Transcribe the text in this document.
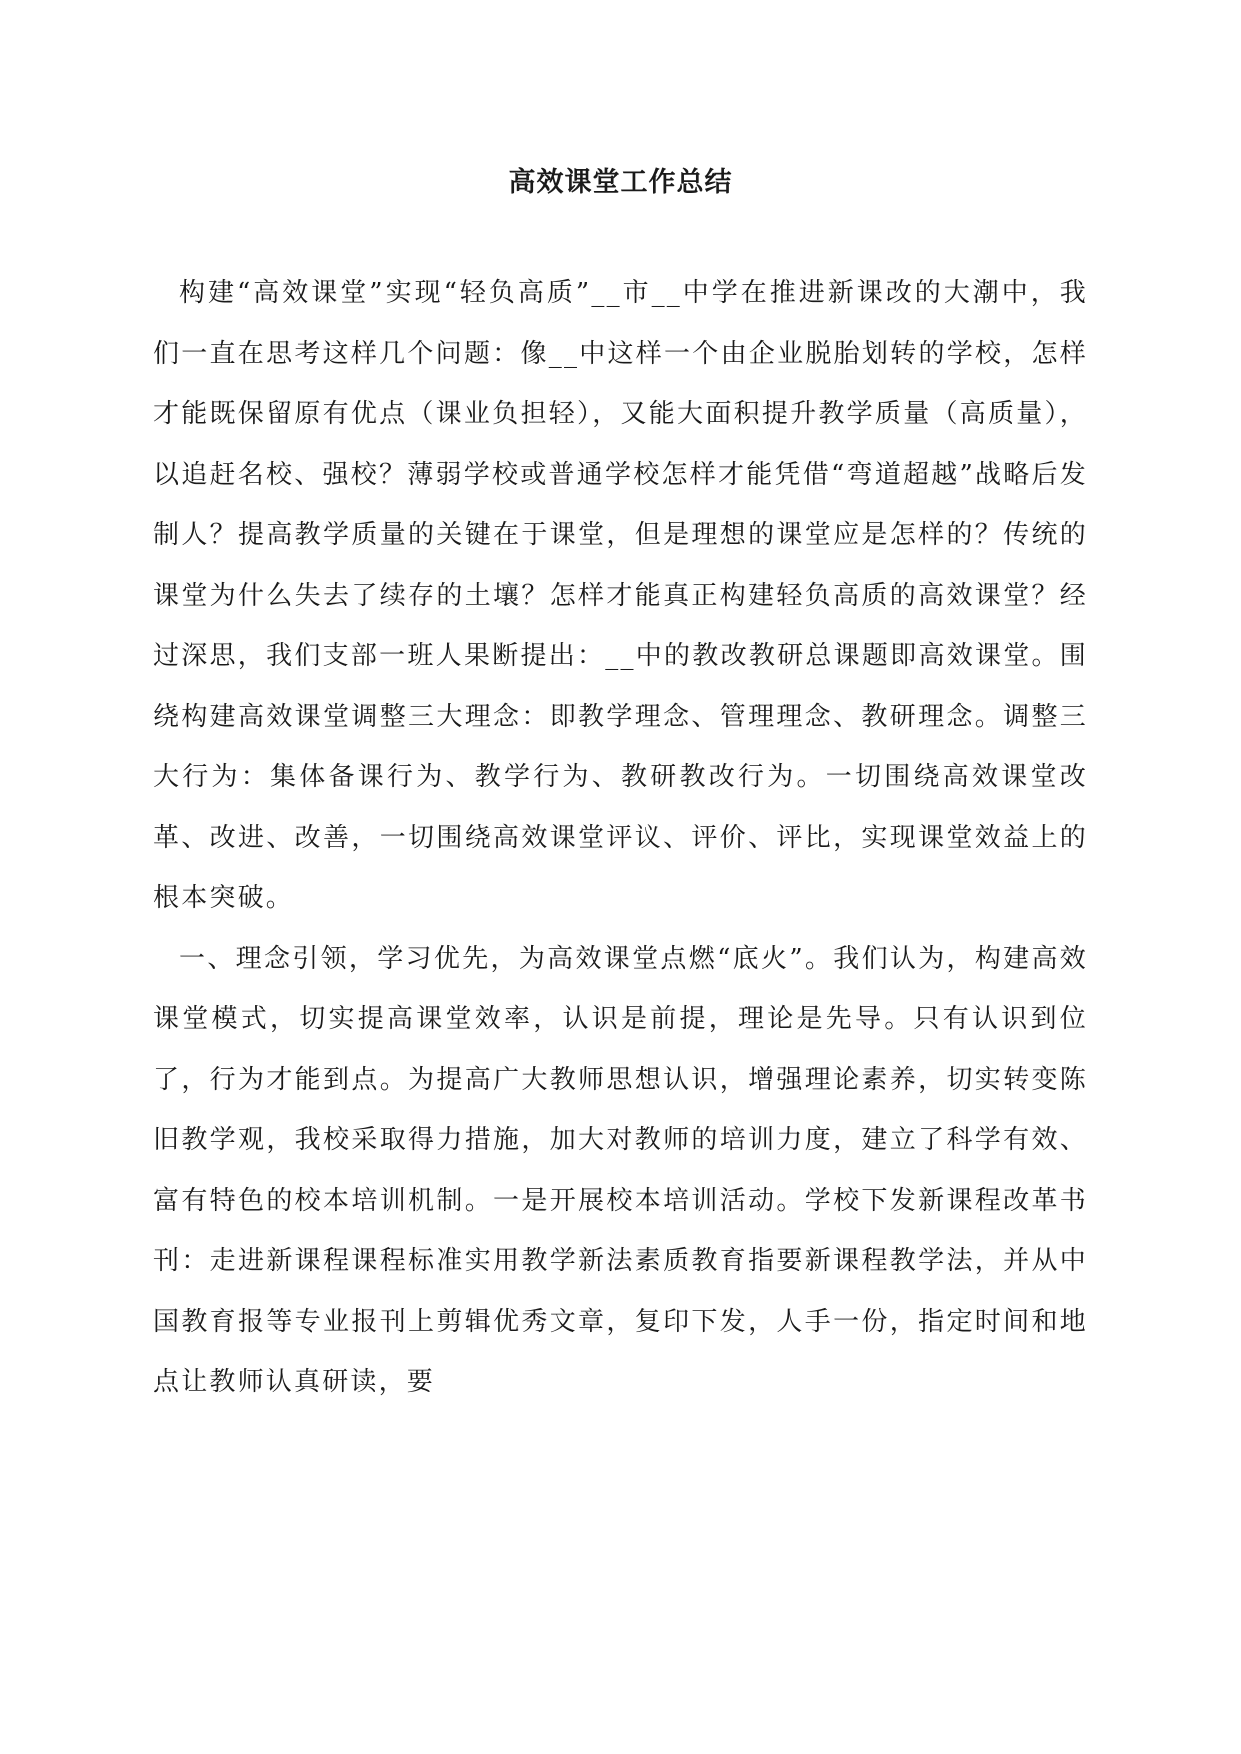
高效课堂工作总结

构建“高效课堂”实现“轻负高质”__市__中学在推进新课改的大潮中，我们一直在思考这样几个问题：像__中这样一个由企业脱胎划转的学校，怎样才能既保留原有优点（课业负担轻），又能大面积提升教学质量（高质量），以追赶名校、强校？薄弱学校或普通学校怎样才能凭借“弯道超越”战略后发制人？提高教学质量的关键在于课堂，但是理想的课堂应是怎样的？传统的课堂为什么失去了续存的土壤？怎样才能真正构建轻负高质的高效课堂？经过深思，我们支部一班人果断提出：__中的教改教研总课题即高效课堂。围绕构建高效课堂调整三大理念：即教学理念、管理理念、教研理念。调整三大行为：集体备课行为、教学行为、教研教改行为。一切围绕高效课堂改革、改进、改善，一切围绕高效课堂评议、评价、评比，实现课堂效益上的根本突破。

一、理念引领，学习优先，为高效课堂点燃“底火”。我们认为，构建高效课堂模式，切实提高课堂效率，认识是前提，理论是先导。只有认识到位了，行为才能到点。为提高广大教师思想认识，增强理论素养，切实转变陈旧教学观，我校采取得力措施，加大对教师的培训力度，建立了科学有效、富有特色的校本培训机制。一是开展校本培训活动。学校下发新课程改革书刊：走进新课程课程标准实用教学新法素质教育指要新课程教学法，并从中国教育报等专业报刊上剪辑优秀文章，复印下发，人手一份，指定时间和地点让教师认真研读，要
